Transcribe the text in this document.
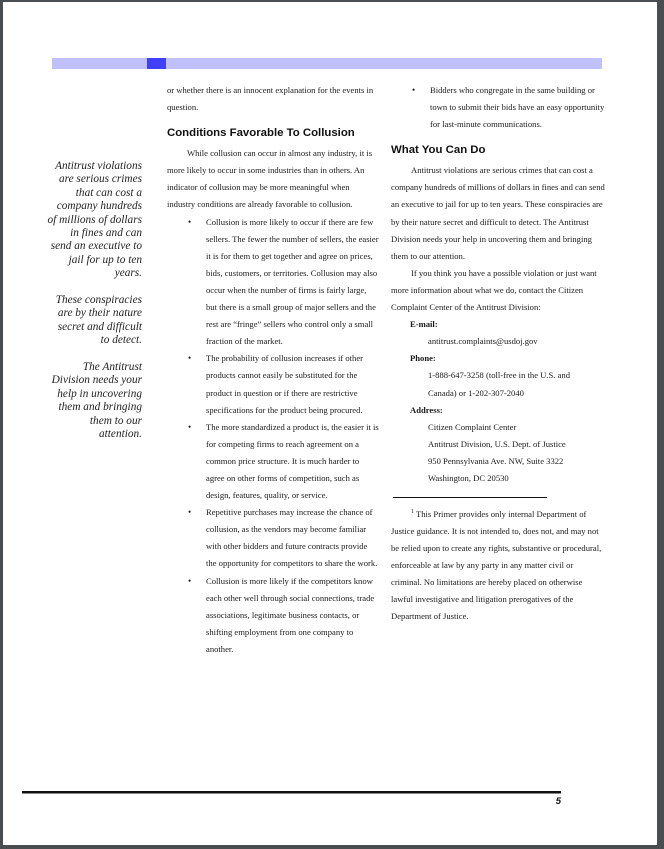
Antitrust violations are serious crimes that can cost a company hundreds of millions of dollars in fines and can send an executive to jail for up to ten years.

These conspiracies are by their nature secret and difficult to detect.

The Antitrust Division needs your help in uncovering them and bringing them to our attention.

or whether there is an innocent explanation for the events in question.

Conditions Favorable To Collusion

While collusion can occur in almost any industry, it is more likely to occur in some industries than in others. An indicator of collusion may be more meaningful when industry conditions are already favorable to collusion.

• Collusion is more likely to occur if there are few sellers. The fewer the number of sellers, the easier it is for them to get together and agree on prices, bids, customers, or territories. Collusion may also occur when the number of firms is fairly large, but there is a small group of major sellers and the rest are “fringe” sellers who control only a small fraction of the market.
• The probability of collusion increases if other products cannot easily be substituted for the product in question or if there are restrictive specifications for the product being procured.
• The more standardized a product is, the easier it is for competing firms to reach agreement on a common price structure. It is much harder to agree on other forms of competition, such as design, features, quality, or service.
• Repetitive purchases may increase the chance of collusion, as the vendors may become familiar with other bidders and future contracts provide the opportunity for competitors to share the work.
• Collusion is more likely if the competitors know each other well through social connections, trade associations, legitimate business contacts, or shifting employment from one company to another.
• Bidders who congregate in the same building or town to submit their bids have an easy opportunity for last-minute communications.
What You Can Do

Antitrust violations are serious crimes that can cost a company hundreds of millions of dollars in fines and can send an executive to jail for up to ten years. These conspiracies are by their nature secret and difficult to detect. The Antitrust Division needs your help in uncovering them and bringing them to our attention.

If you think you have a possible violation or just want more information about what we do, contact the Citizen Complaint Center of the Antitrust Division:

E-mail:
antitrust.complaints@usdoj.gov
Phone:
1-888-647-3258 (toll-free in the U.S. and
Canada) or 1-202-307-2040
Address:
Citizen Complaint Center
Antitrust Division, U.S. Dept. of Justice
950 Pennsylvania Ave. NW, Suite 3322
Washington, DC 20530

$^1$ This Primer provides only internal Department of Justice guidance. It is not intended to, does not, and may not be relied upon to create any rights, substantive or procedural, enforceable at law by any party in any matter civil or criminal. No limitations are hereby placed on otherwise lawful investigative and litigation prerogatives of the Department of Justice.

5
